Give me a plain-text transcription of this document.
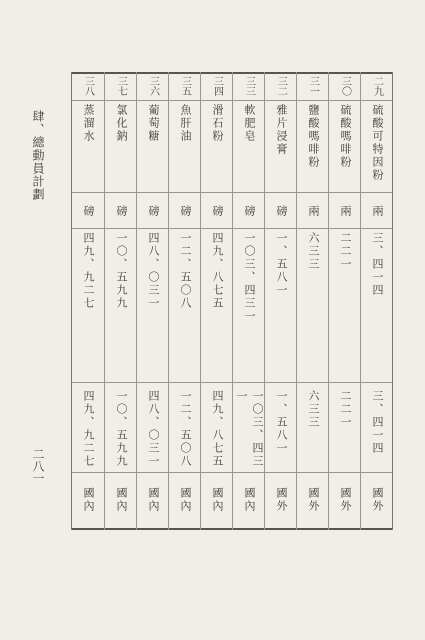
肆、總動員計劃
二八一
二九
硫酸可特因粉
兩
三、四一四
三、四一四
國外
三〇
硫酸嗎啡粉
兩
二二一
二二一
國外
三一
鹽酸嗎啡粉
兩
六三三
六三三
國外
三二
雅片浸膏
磅
一、五八一
一、五八一
國外
三三
軟肥皂
磅
一〇三、四三一
一〇三、四三一
國內
三四
滑石粉
磅
四九、八七五
四九、八七五
國內
三五
魚肝油
磅
一二、五〇八
一二、五〇八
國內
三六
葡萄糖
磅
四八、〇三一
四八、〇三一
國內
三七
氯化鈉
磅
一〇、五九九
一〇、五九九
國內
三八
蒸溜水
磅
四九、九二七
四九、九二七
國內
